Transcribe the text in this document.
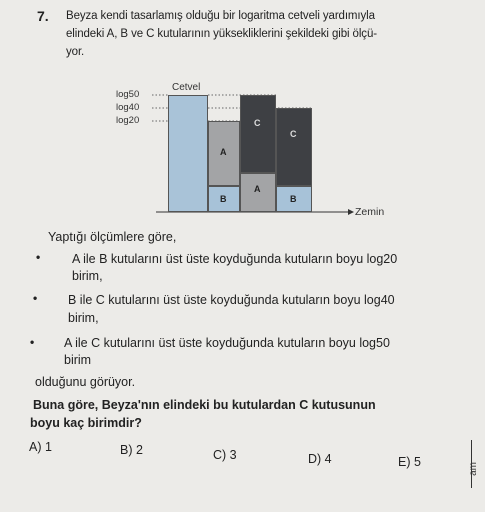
7. Beyza kendi tasarlamış olduğu bir logaritma cetveli yardımıyla
elindeki A, B ve C kutularının yüksekliklerini şekildeki gibi ölçü-
yor.
log50
log40
log20
Cetvel
A
B
C
A
C
B
Zemin
Yaptığı ölçümlere göre,
•	A ile B kutularını üst üste koyduğunda kutuların boyu log20
birim,
• B ile C kutularını üst üste koyduğunda kutuların boyu log40
birim,
• A ile C kutularını üst üste koyduğunda kutuların boyu log50
birim
olduğunu görüyor.
Buna göre, Beyza'nın elindeki bu kutulardan C kutusunun
boyu kaç birimdir?
A) 1	B) 2	C) 3	D) 4	E) 5	am
